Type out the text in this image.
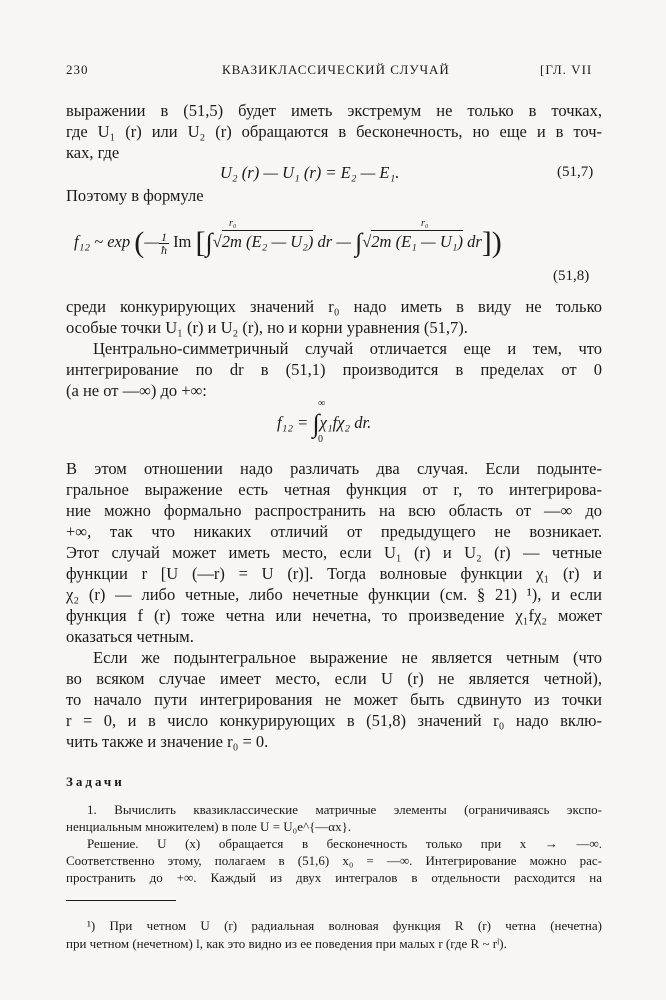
230	КВАЗИКЛАССИЧЕСКИЙ СЛУЧАЙ	[ГЛ. VII
выражении в (51,5) будет иметь экстремум не только в точках,
где U₁ (r) или U₂ (r) обращаются в бесконечность, но еще и в точ-
ках, где
U₂ (r) — U₁ (r) = E₂ — E₁.	(51,7)
Поэтому в формуле
f₁₂ ~ exp (— $\frac{1}{ħ}$ Im [∫√2m (E₂ — U₂) dr — ∫√2m (E₁ — U₁) dr])
r₀	r₀
(51,8)
среди конкурирующих значений r₀ надо иметь в виду не только
особые точки U₁ (r) и U₂ (r), но и корни уравнения (51,7).
Центрально-симметричный случай отличается еще и тем, что
интегрирование по dr в (51,1) производится в пределах от 0
(а не от —∞) до +∞:
f₁₂ = ∫χ₁fχ₂ dr.
∞
0
В этом отношении надо различать два случая. Если подынте-
гральное выражение есть четная функция от r, то интегрирова-
ние можно формально распространить на всю область от —∞ до
+∞, так что никаких отличий от предыдущего не возникает.
Этот случай может иметь место, если U₁ (r) и U₂ (r) — четные
функции r [U (—r) = U (r)]. Тогда волновые функции χ₁ (r) и
χ₂ (r) — либо четные, либо нечетные функции (см. § 21) ¹), и если
функция f (r) тоже четна или нечетна, то произведение χ₁fχ₂ может
оказаться четным.
Если же подынтегральное выражение не является четным (что
во всяком случае имеет место, если U (r) не является четной),
то начало пути интегрирования не может быть сдвинуто из точки
r = 0, и в число конкурирующих в (51,8) значений r₀ надо вклю-
чить также и значение r₀ = 0.
Задачи
1. Вычислить квазиклассические матричные элементы (ограничиваясь экспо-
ненциальным множителем) в поле U = U₀e^{—αx}.
Решение. U (x) обращается в бесконечность только при x → —∞.
Соответственно этому, полагаем в (51,6) x₀ = —∞. Интегрирование можно рас-
пространить до +∞. Каждый из двух интегралов в отдельности расходится на
¹) При четном U (r) радиальная волновая функция R (r) четна (нечетна)
при четном (нечетном) l, как это видно из ее поведения при малых r (где R ~ rˡ).
